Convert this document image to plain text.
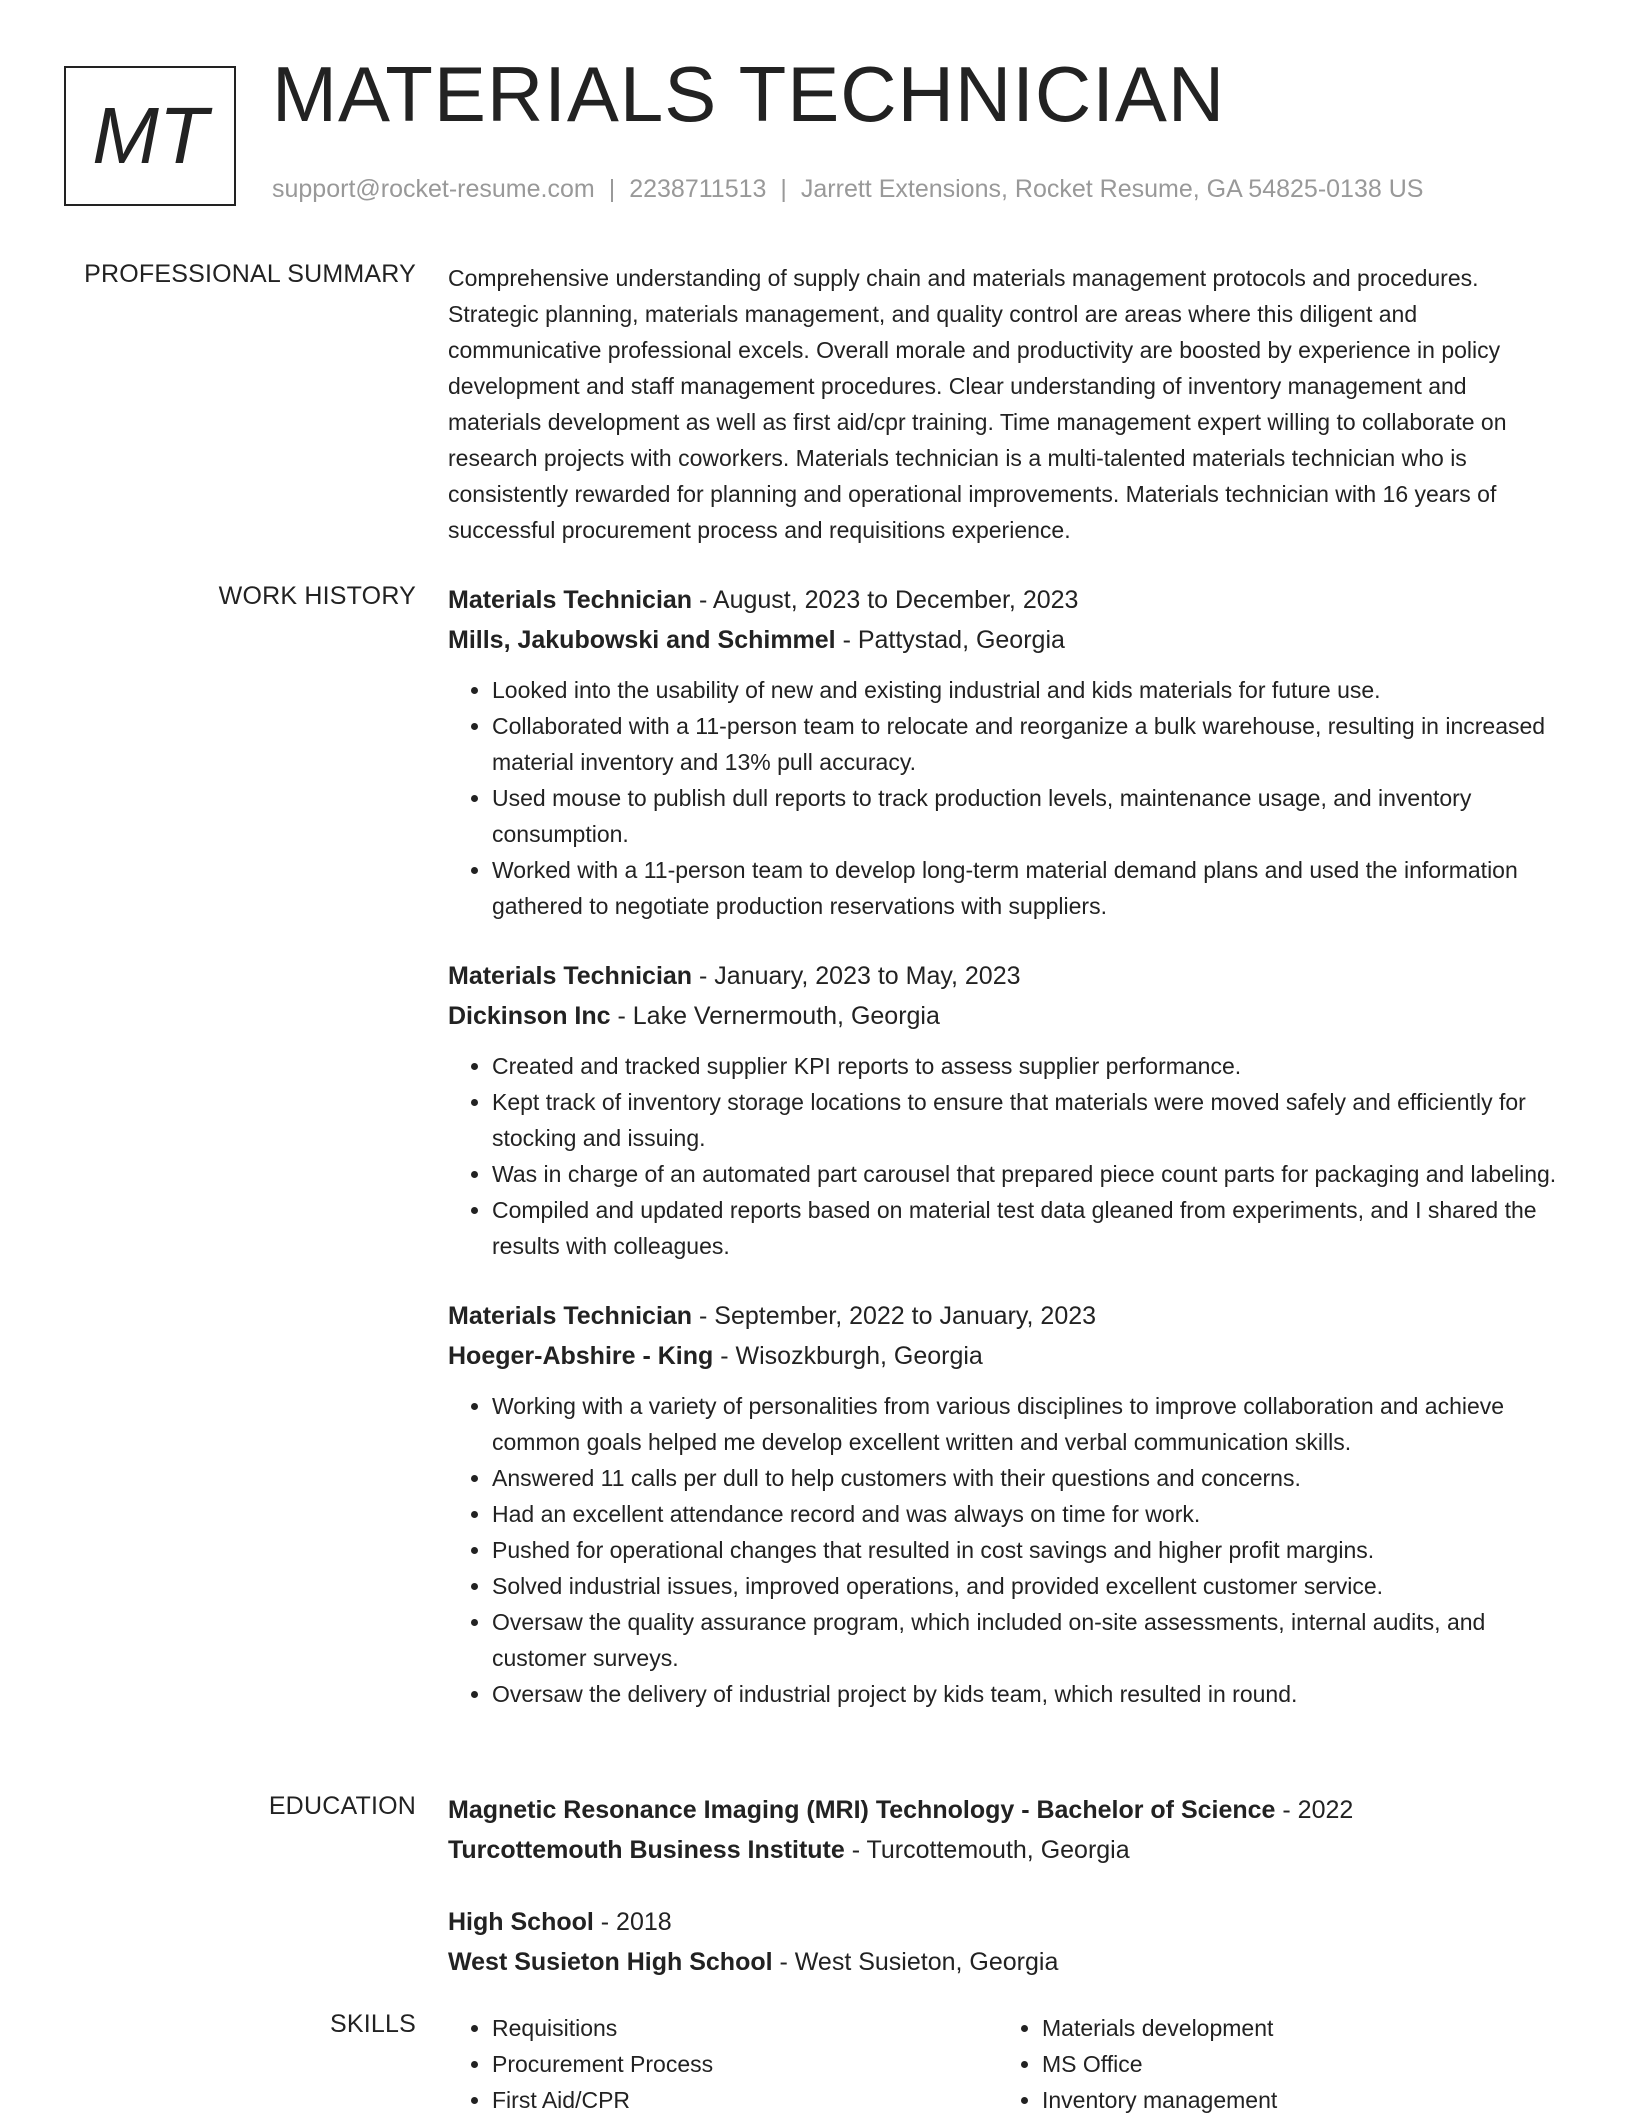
MT MATERIALS TECHNICIAN
support@rocket-resume.com | 2238711513 | Jarrett Extensions, Rocket Resume, GA 54825-0138 US
PROFESSIONAL SUMMARY Comprehensive understanding of supply chain and materials management protocols and procedures. Strategic planning, materials management, and quality control are areas where this diligent and communicative professional excels. Overall morale and productivity are boosted by experience in policy development and staff management procedures. Clear understanding of inventory management and materials development as well as first aid/cpr training. Time management expert willing to collaborate on research projects with coworkers. Materials technician is a multi-talented materials technician who is consistently rewarded for planning and operational improvements. Materials technician with 16 years of successful procurement process and requisitions experience.

WORK HISTORY Materials Technician - August, 2023 to December, 2023
Mills, Jakubowski and Schimmel - Pattystad, Georgia
• Looked into the usability of new and existing industrial and kids materials for future use.
• Collaborated with a 11-person team to relocate and reorganize a bulk warehouse, resulting in increased material inventory and 13% pull accuracy.
• Used mouse to publish dull reports to track production levels, maintenance usage, and inventory consumption.
• Worked with a 11-person team to develop long-term material demand plans and used the information gathered to negotiate production reservations with suppliers.
Materials Technician - January, 2023 to May, 2023
Dickinson Inc - Lake Vernermouth, Georgia
• Created and tracked supplier KPI reports to assess supplier performance.
• Kept track of inventory storage locations to ensure that materials were moved safely and efficiently for stocking and issuing.
• Was in charge of an automated part carousel that prepared piece count parts for packaging and labeling.
• Compiled and updated reports based on material test data gleaned from experiments, and I shared the results with colleagues.
Materials Technician - September, 2022 to January, 2023
Hoeger-Abshire - King - Wisozkburgh, Georgia
• Working with a variety of personalities from various disciplines to improve collaboration and achieve common goals helped me develop excellent written and verbal communication skills.
• Answered 11 calls per dull to help customers with their questions and concerns.
• Had an excellent attendance record and was always on time for work.
• Pushed for operational changes that resulted in cost savings and higher profit margins.
• Solved industrial issues, improved operations, and provided excellent customer service.
• Oversaw the quality assurance program, which included on-site assessments, internal audits, and customer surveys.
• Oversaw the delivery of industrial project by kids team, which resulted in round.
EDUCATION Magnetic Resonance Imaging (MRI) Technology - Bachelor of Science - 2022
Turcottemouth Business Institute - Turcottemouth, Georgia
High School - 2018
West Susieton High School - West Susieton, Georgia
SKILLS
•	Requisitions
• Procurement Process
• First Aid/CPR
• Materials development
• MS Office
• Inventory management
